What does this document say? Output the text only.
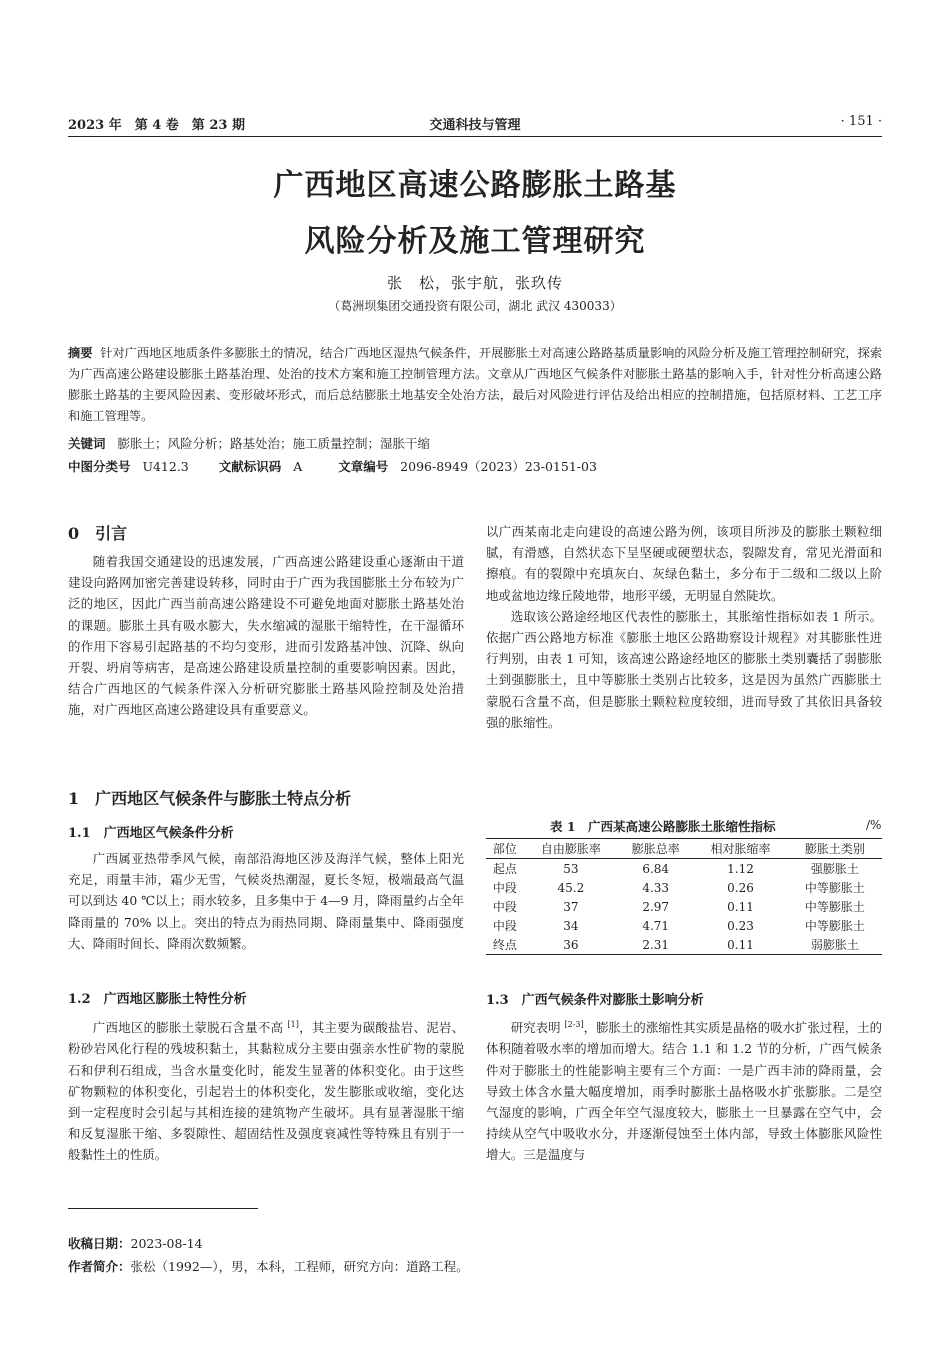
2023 年　第 4 卷　第 23 期	交通科技与管理	· 151 ·
广西地区高速公路膨胀土路基
风险分析及施工管理研究
张　松，张宇航，张玖传
（葛洲坝集团交通投资有限公司，湖北 武汉 430033）
摘要 针对广西地区地质条件多膨胀土的情况，结合广西地区湿热气候条件，开展膨胀土对高速公路路基质量影响的风险分析及施工管理控制研究，探索为广西高速公路建设膨胀土路基治理、处治的技术方案和施工控制管理方法。文章从广西地区气候条件对膨胀土路基的影响入手，针对性分析高速公路膨胀土路基的主要风险因素、变形破坏形式，而后总结膨胀土地基安全处治方法，最后对风险进行评估及给出相应的控制措施，包括原材料、工艺工序和施工管理等。
关键词 膨胀土；风险分析；路基处治；施工质量控制；湿胀干缩
中图分类号 U412.3 文献标识码 A	文章编号 2096-8949（2023）23-0151-03
0　引言

随着我国交通建设的迅速发展，广西高速公路建设重心逐渐由干道建设向路网加密完善建设转移，同时由于广西为我国膨胀土分布较为广泛的地区，因此广西当前高速公路建设不可避免地面对膨胀土路基处治的课题。膨胀土具有吸水膨大，失水缩减的湿胀干缩特性，在干湿循环的作用下容易引起路基的不均匀变形，进而引发路基冲蚀、沉降、纵向开裂、坍肩等病害，是高速公路建设质量控制的重要影响因素。因此，结合广西地区的气候条件深入分析研究膨胀土路基风险控制及处治措施，对广西地区高速公路建设具有重要意义。

1　广西地区气候条件与膨胀土特点分析
1.1　广西地区气候条件分析

广西属亚热带季风气候，南部沿海地区涉及海洋气候，整体上阳光充足，雨量丰沛，霜少无雪，气候炎热潮湿，夏长冬短，极端最高气温可以到达 40 ℃以上；雨水较多，且多集中于 4—9 月，降雨量约占全年降雨量的 70% 以上。突出的特点为雨热同期、降雨量集中、降雨强度大、降雨时间长、降雨次数频繁。

1.2　广西地区膨胀土特性分析

广西地区的膨胀土蒙脱石含量不高 [1]，其主要为碳酸盐岩、泥岩、粉砂岩风化行程的残坡积黏土，其黏粒成分主要由强亲水性矿物的蒙脱石和伊利石组成，当含水量变化时，能发生显著的体积变化。由于这些矿物颗粒的体积变化，引起岩土的体积变化，发生膨胀或收缩，变化达到一定程度时会引起与其相连接的建筑物产生破坏。具有显著湿胀干缩和反复湿胀干缩、多裂隙性、超固结性及强度衰减性等特殊且有别于一般黏性土的性质。

以广西某南北走向建设的高速公路为例，该项目所涉及的膨胀土颗粒细腻，有滑感，自然状态下呈坚硬或硬塑状态，裂隙发育，常见光滑面和擦痕。有的裂隙中充填灰白、灰绿色黏土，多分布于二级和二级以上阶地或盆地边缘丘陵地带，地形平缓，无明显自然陡坎。

选取该公路途经地区代表性的膨胀土，其胀缩性指标如表 1 所示。依据广西公路地方标准《膨胀土地区公路勘察设计规程》对其膨胀性进行判别，由表 1 可知，该高速公路途经地区的膨胀土类别囊括了弱膨胀土到强膨胀土，且中等膨胀土类别占比较多，这是因为虽然广西膨胀土蒙脱石含量不高，但是膨胀土颗粒粒度较细，进而导致了其依旧具备较强的胀缩性。

表 1　广西某高速公路膨胀土胀缩性指标	/%
部位	自由膨胀率	膨胀总率	相对胀缩率	膨胀土类别
起点	53	6.84	1.12	强膨胀土
中段	45.2	4.33	0.26	中等膨胀土
中段	37	2.97	0.11	中等膨胀土
中段	34	4.71	0.23	中等膨胀土
终点	36	2.31	0.11	弱膨胀土
1.3　广西气候条件对膨胀土影响分析

研究表明 [2-3]，膨胀土的涨缩性其实质是晶格的吸水扩张过程，土的体积随着吸水率的增加而增大。结合 1.1 和 1.2 节的分析，广西气候条件对于膨胀土的性能影响主要有三个方面：一是广西丰沛的降雨量，会导致土体含水量大幅度增加，雨季时膨胀土晶格吸水扩张膨胀。二是空气湿度的影响，广西全年空气湿度较大，膨胀土一旦暴露在空气中，会持续从空气中吸收水分，并逐渐侵蚀至土体内部，导致土体膨胀风险性增大。三是温度与

收稿日期：2023-08-14
作者简介：张松（1992—），男，本科，工程师，研究方向：道路工程。
